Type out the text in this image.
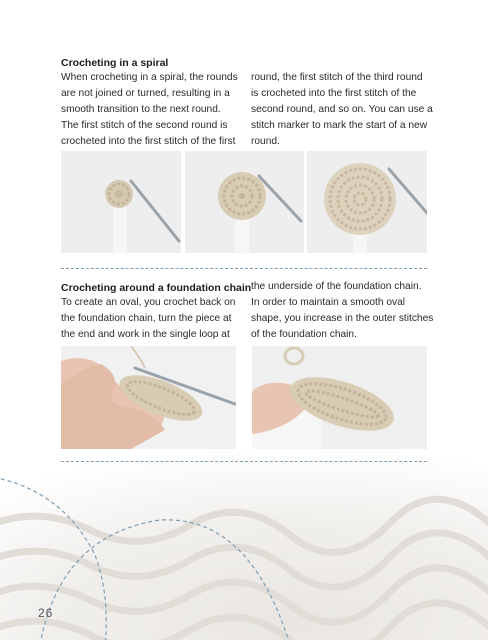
Crocheting in a spiral

When crocheting in a spiral, the rounds

are not joined or turned, resulting in a

smooth transition to the next round.

The first stitch of the second round is

crocheted into the first stitch of the first

round, the first stitch of the third round

is crocheted into the first stitch of the

second round, and so on. You can use a

stitch marker to mark the start of a new

round.

Crocheting around a foundation chain

To create an oval, you crochet back on

the foundation chain, turn the piece at

the end and work in the single loop at

the underside of the foundation chain.

In order to maintain a smooth oval

shape, you increase in the outer stitches

of the foundation chain.

26
